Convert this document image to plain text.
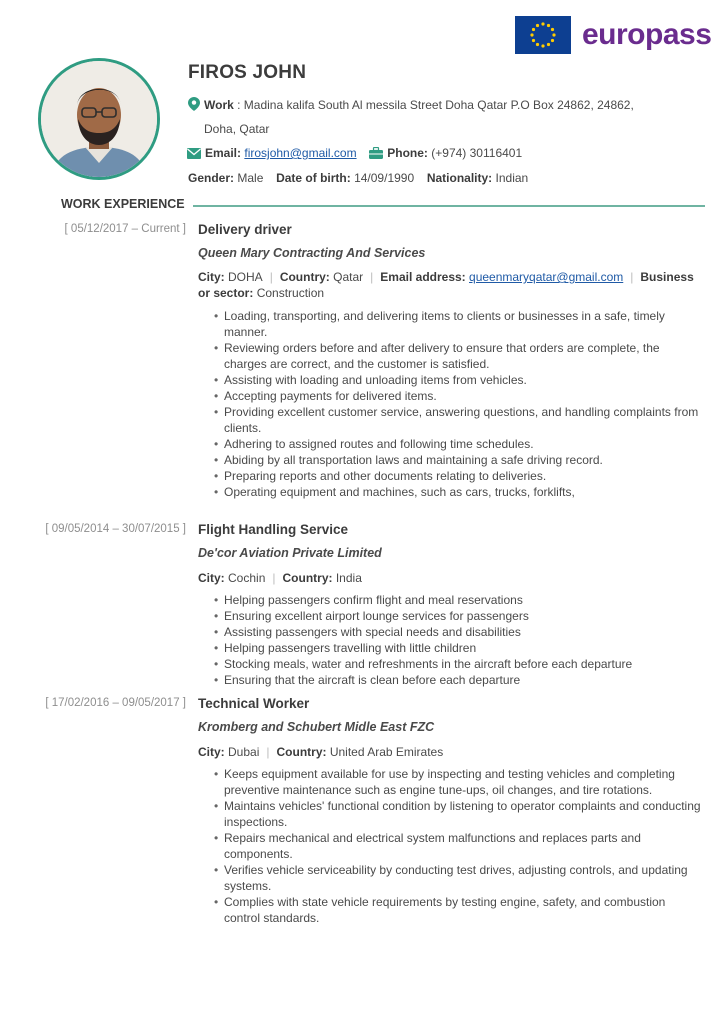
europass
FIROS JOHN
Work : Madina kalifa South Al messila Street Doha Qatar P.O Box 24862, 24862,
Doha, Qatar
Email: firosjohn@gmail.com	Phone: (+974) 30116401
Gender: Male Date of birth: 14/09/1990 Nationality: Indian
WORK EXPERIENCE
[ 05/12/2017 – Current ] Delivery driver
Queen Mary Contracting And Services
City: DOHA | Country: Qatar | Email address: queenmaryqatar@gmail.com | Business or sector: Construction
• Loading, transporting, and delivering items to clients or businesses in a safe, timely manner.
• Reviewing orders before and after delivery to ensure that orders are complete, the charges are correct, and the customer is satisfied.
• Assisting with loading and unloading items from vehicles.
• Accepting payments for delivered items.
• Providing excellent customer service, answering questions, and handling complaints from clients.
• Adhering to assigned routes and following time schedules.
• Abiding by all transportation laws and maintaining a safe driving record.
• Preparing reports and other documents relating to deliveries.
• Operating equipment and machines, such as cars, trucks, forklifts,
[ 09/05/2014 – 30/07/2015 ] Flight Handling Service
De'cor Aviation Private Limited
City: Cochin | Country: India
• Helping passengers confirm flight and meal reservations
• Ensuring excellent airport lounge services for passengers
• Assisting passengers with special needs and disabilities
• Helping passengers travelling with little children
• Stocking meals, water and refreshments in the aircraft before each departure
• Ensuring that the aircraft is clean before each departure
[ 17/02/2016 – 09/05/2017 ] Technical Worker
Kromberg and Schubert Midle East FZC
City: Dubai | Country: United Arab Emirates
• Keeps equipment available for use by inspecting and testing vehicles and completing preventive maintenance such as engine tune-ups, oil changes, and tire rotations.
• Maintains vehicles' functional condition by listening to operator complaints and conducting inspections.
• Repairs mechanical and electrical system malfunctions and replaces parts and components.
• Verifies vehicle serviceability by conducting test drives, adjusting controls, and updating systems.
• Complies with state vehicle requirements by testing engine, safety, and combustion control standards.
